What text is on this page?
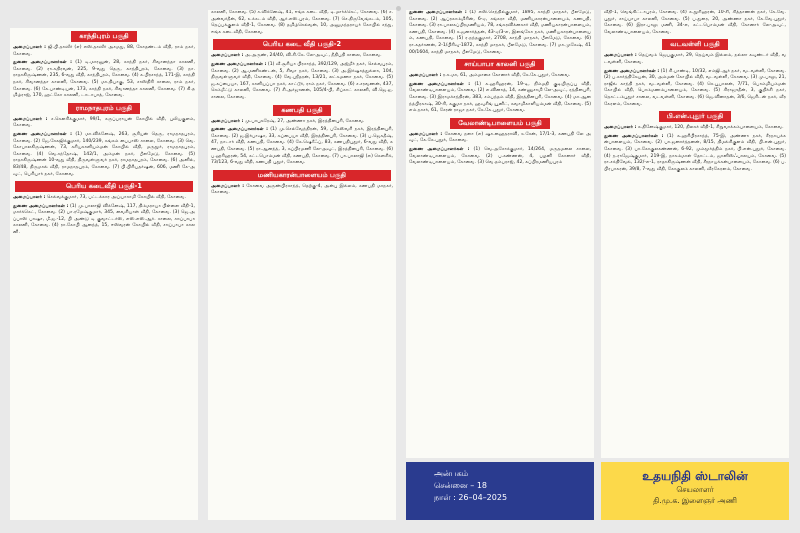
காந்திபுரம் பகுதி
அமைப்பாளர் : ஜி.பி.தாஸீர் (எ) எஸ்.தாஸீர் அசமது, 88, கோதண்டம் வீதி, ராம் நகர், கோவை.
துணை அமைப்பாளர்கள் : (1) டி.மாரனுன், 28, காந்தி நகர், சிவானந்தா காலனி, கோவை. (2) ரா.கதிரவன், 225, 9-வது தெரு, காந்திபுரம், கோவை. (3) நா.ராதாகிருஷ்ணன், 235, 6-வது வீதி, காந்திபுரம், கோவை. (4) க.பிரசாந்த், 171-இ, காந்தி நகர், சிவானந்தா காலனி, கோவை. (5) மா.தியாகு, 53, சாஸ்திரி சாலை, ராம் நகர், கோவை. (6) கே.பாண்டியன், 173, காந்தி நகர், சிவானந்தா காலனி, கோவை. (7) கி.தமிழ்ராஜ், 170, ஹட்கோ காலனி, டாடாபாத், கோவை.
ராமநாதபுரம் பகுதி
அமைப்பாளர் : ச.கௌசிக்குமார், 99/1, கருப்பராயன் கோயில் வீதி, புலியகுளம், கோவை.
துணை அமைப்பாளர்கள் : (1) மா.விக்னேஷ், 263, சூரியன் தெரு, ராமநாதபுரம், கோவை. (2) ஜே.சேசுஜிக்குமார், 140/239, சுங்கம் பைபாஸ் சாலை, கோவை. (3) வெ.கோபாலகிருஷ்ணன், 73, கரியகாளியம்மன் கோயில் வீதி, மருதூர், ராமநாதபுரம், கோவை. (4) வெ.சந்தோஷ், 142/1, அம்மன் நகர், பீளமேடு, கோவை. (5) ராதாகிருஷ்ணன் 10-வது வீதி, திருவள்ளுவர் நகர், ராமநாதபுரம், கோவை. (6) அனில், 83/48, திருமால் வீதி, ராமநாதபுரம், கோவை. (7) பி.பிரியதர்ஷன், 606, மணி கே-அவுட், பெரியார் நகர், கோவை.
பெரிய கடைவீதி பகுதி-1
அமைப்பாளர் : செல்வக்குமார், 73, பட்டக்கார அய்யாசாமி கோயில் வீதி, கோவை.
துணை அமைப்பாளர்கள் : (1) மு.பாலாஜி விக்னேஷ், 117, திம்மராயா பிள்ளை வீதி-1, மார்க்கெட், கோவை. (2) பா.ரமேஷ்குமார், 345, வைசியாள் வீதி, கோவை. (3) ஜெ.அப்பாஸ் பாஷா, மீ.ஐ.-12, பி அண்டு டி குவாட்டர்ஸ், எஸ்.எஸ்.ஆர். சாலை, சாய்பாபா காலனி, கோவை. (4) ரா.கோபி ஆனந்த், 15, ஈஸ்வரன் கோயில் வீதி, சாய்பாபா காலனி.
காலனி, கோவை. (5) ச.விக்னேஷ், 41, ஈங்க கடை வீதி, டி.மார்க்கெட், கோவை. (6) ச.அன்வர்தீன், 62, உக்கடம் வீதி, ஆர்.எஸ்.புரம், கோவை. (7) செ.திருவேங்கடம், 105, தெப்பக்குளம் வீதி-1, கோவை. (8) தமிழ்செல்வன், 10, அனுமந்தராயர் கோயில் சந்து, ஈங்க கடைவீதி, கோவை.
பெரிய கடை வீதி பகுதி-2
அமைப்பாளர் : அ.அருண், 24/40, வி.சி.கே. லே-அவுட், நீதிபதி சாலை, கோவை.
துணை அமைப்பாளர்கள் : (1) வீ.சூரியா பிரசாந்த், 392/129, அஜ்மீர் நகர், செல்வபுரம், கோவை. (2) ஆ.மணிகண்டன், 5, சிவா நகர், கோவை. (3) அ.இர்ஷாத்துல்லா, 104, திருவள்ளுவர் வீதி, கோவை. (4) வே.ஸ்ரீதரன், 13/21, லட்சுமணா நகர், கோவை. (5) ஜ.சுப்பையா, 167, காளியப்பா நகர், காட்டூர், ராம் நகர், கோவை. (6) ச.சரவணன், 437, செம்மீட்டு காலனி, கோவை. (7) சி.அர்ஜுனன், 105/4-பி, சிப்காட் காலனி, வி.ஜெ.ஐ. சாலை, கோவை.
கணபதி பகுதி
அமைப்பாளர் : மு.பாபுசுரேஷ், 27, அண்ணா நகர், இரத்தினபுரி, கோவை.
துணை அமைப்பாளர்கள் : (1) மு.செல்வேந்திரன், 59, பகேஸ்வரி நகர், இரத்தினபுரி, கோவை. (2) ஜ.இர்பாஷா, 33, சுப்பையா வீதி, இரத்தினபுரி, கோவை. (3) ப.ஜெகதீஷ், 47, நாடார் வீதி, கணபதி, கோவை. (4) கே.ஷெரீஃப், 83, கணபதிபுதூர், 6-வது வீதி, கணபதி, கோவை. (5) ரா.ஆனந்த், 3, சுப்பிரமணி லே-அவுட், இரத்தினபுரி, கோவை. (6) ப.ஹரிஹரன், 54, கட்டபொம்மன் வீதி, கணபதி, கோவை. (7) பா.பாலாஜி (எ) கௌசிக், 73/123, 6-வது வீதி, கணபதி புதூர், கோவை.
மணியகாரன்பாளையம் பகுதி
அமைப்பாளர் : கோவை அருண்பிரசாந்த், தெற்கு-4, அன்பு இல்லம், கணபதி மாநகர், கோவை.
துணை அமைப்பாளர்கள் : (1) எஸ்.செந்தில்குமார், 1895, காந்தி மாநகர், பீளமேடு, கோவை. (2) ஆப்ரகாம்மிரின், 6-ஏ, சங்கரா வீதி, மணியகாரன்பாளையம், கணபதி, கோவை. (3) ரா.பாலசுப்பிரமணியம், 78, சங்கரவிக்னகார் வீதி, மணியகாரன்பாளையம், கணபதி, கோவை. (4) க.ஜனார்த்தன், 43-ஏ/3-எ, இளங்கோ நகர், மணியகாரன்பாளையம், கணபதி, கோவை. (5) ர.நந்தகுமார், 2708, காந்தி மாநகர், பீளமேடு, கோவை. (6) ரா.சுதர்சனன், 2-1/பிரிவு-1872, காந்தி மாநகர், பீளமேடு, கோவை. (7) மா.முகேஷ், 4100/1604, காந்தி மாநகர், பீளமேடு, கோவை.
சாய்பாபா காலனி பகுதி
அமைப்பாளர் : ர.க.மா, 61, அம்மாசை கோனார் வீதி, கே.கே.புதூர், கோவை.
துணை அமைப்பாளர்கள் : (1) சு.ஹரிஹரன், 19-டி, நிம்மதி குடியிருப்பு வீதி, வேலாண்டிபாளையம், கோவை. (2) எ.வினாத், 14, கண்ணுசாமி லே-அவுட், ரத்தினபுரி, கோவை. (3) இராமச்சந்திரன், 383, சம்பந்தம் வீதி, இரத்தினபுரி, கோவை. (4) மா.ஆனந்த்பிரகாஷ், 30-சி, சுகுமா நகர், ஹவுசிங் யூனிட், சுவாமிகாளியம்மன் வீதி, கோவை. (5) எம்.நாசர், 61, சேரன் ராஜா நகர், கே.கே.புதூர், கோவை.
வேலாண்டிபாளையம் பகுதி
அமைப்பாளர் : கோவை நளா (எ) ஷா.ஹைதராவி, உசேன், 17/1-3, கணபதி லே அவுட், கே.கே.புதூர், கோவை.
துணை அமைப்பாளர்கள் : (1) வெ.அசோக்குமார், 14/264, மருதமலை சாலை, வேலாண்டிபாளையம், கோவை. (2) ப.கண்ணன், 4, பழனி கோனார் வீதி, வேலாண்டிபாளையம், கோவை. (3) வெ.தம்பராஜ், 42, சுப்பிரமணியபுரம்
வீதி-1, வெங்கிட்டாபுரம், கோவை. (4) க.தூரிஹரன், 10-சி, சித்தாணன் நகர், கே.வே.புதூர், சாய்பாபா காலனி, கோவை. (5) ப.துரை, 20, அண்ணா நகர், கே.வே.புதூர், கோவை. (6) இரா.பாலு மணி, 34-எ, கட்டபொம்மன் வீதி, கோனார் லே-அவுட், வேலாண்டிபாளையம், கோவை.
வடவள்ளி பகுதி
அமைப்பாளர் : தெய்வம் ஜெயகுமார், 29, தெய்வம் இல்லம், நல்லா கவுண்டர் வீதி, வடவள்ளி, கோவை.
துணை அமைப்பாளர்கள் : (1) சி.பாண்டி, 10/32, எம்ஜி.ஆர் நகர், வடவள்ளி, கோவை. (2) ப.கார்த்திகேயன், 30, அம்மன் கோயில் வீதி, வடவள்ளி, கோவை. (3) மு.பாலு, 21, ராஜீவ் காந்தி நகர், வடவள்ளி, கோவை. (4) செ.பூபாலன், 7/71, பொம்மியம்மன் கோயில் வீதி, பொம்மணம்பாளையம், கோவை. (5) சிராஜுதீன், 3, குறிச்சி நகர், தொட்டம்புதூர் சாலை, வடவள்ளி, கோவை. (6) ஜெ.வினாதன், 3/6, ஜெரிடன் நகர், வீரகேரளம், கோவை.
பி.என்.புதூர் பகுதி
அமைப்பாளர் : க.தினேஷ்குமார், 120, திலகர் வீதி-1, சிறுவாக்கம்பாளையம், கோவை.
துணை அமைப்பாளர்கள் : (1) சு.ஹரிபிரசாந்த், 75-இ, அண்ணா நகர், சீரநாயக்கன்பாளையம், கோவை. (2) பா.ஜனார்த்தனன், 8/15, திமல்சிகுளம் வீதி, பி.என்.புதூர், கோவை. (3) பா.கோகுலகண்ணன், 6-92, மும்மூர்த்திம் நகர், பி.என்.புதூர், கோவை. (4) ந.ராஜேஷ்குமார், 219-இ, நாகம்மாள் தோட்டம், ஜானிஸ்ஃபாலயம், கோவை. (5) ரா.சக்திவேல், 132/-எ-1, ராதாகிருஷ்ணன் வீதி, சீரநாயக்கன்பாளையம், கோவை. (6) ப.பிரபாகரன், 39/8, 7-வது வீதி, கோகுலம் காலனி, வீரகேரளம், கோவை.
அன்பகம்
சென்னை – 18
நாள் : 26–04–2025
உதயநிதி ஸ்டாலின்
செயலாளர்
தி.மு.க. இளைஞர் அணி
